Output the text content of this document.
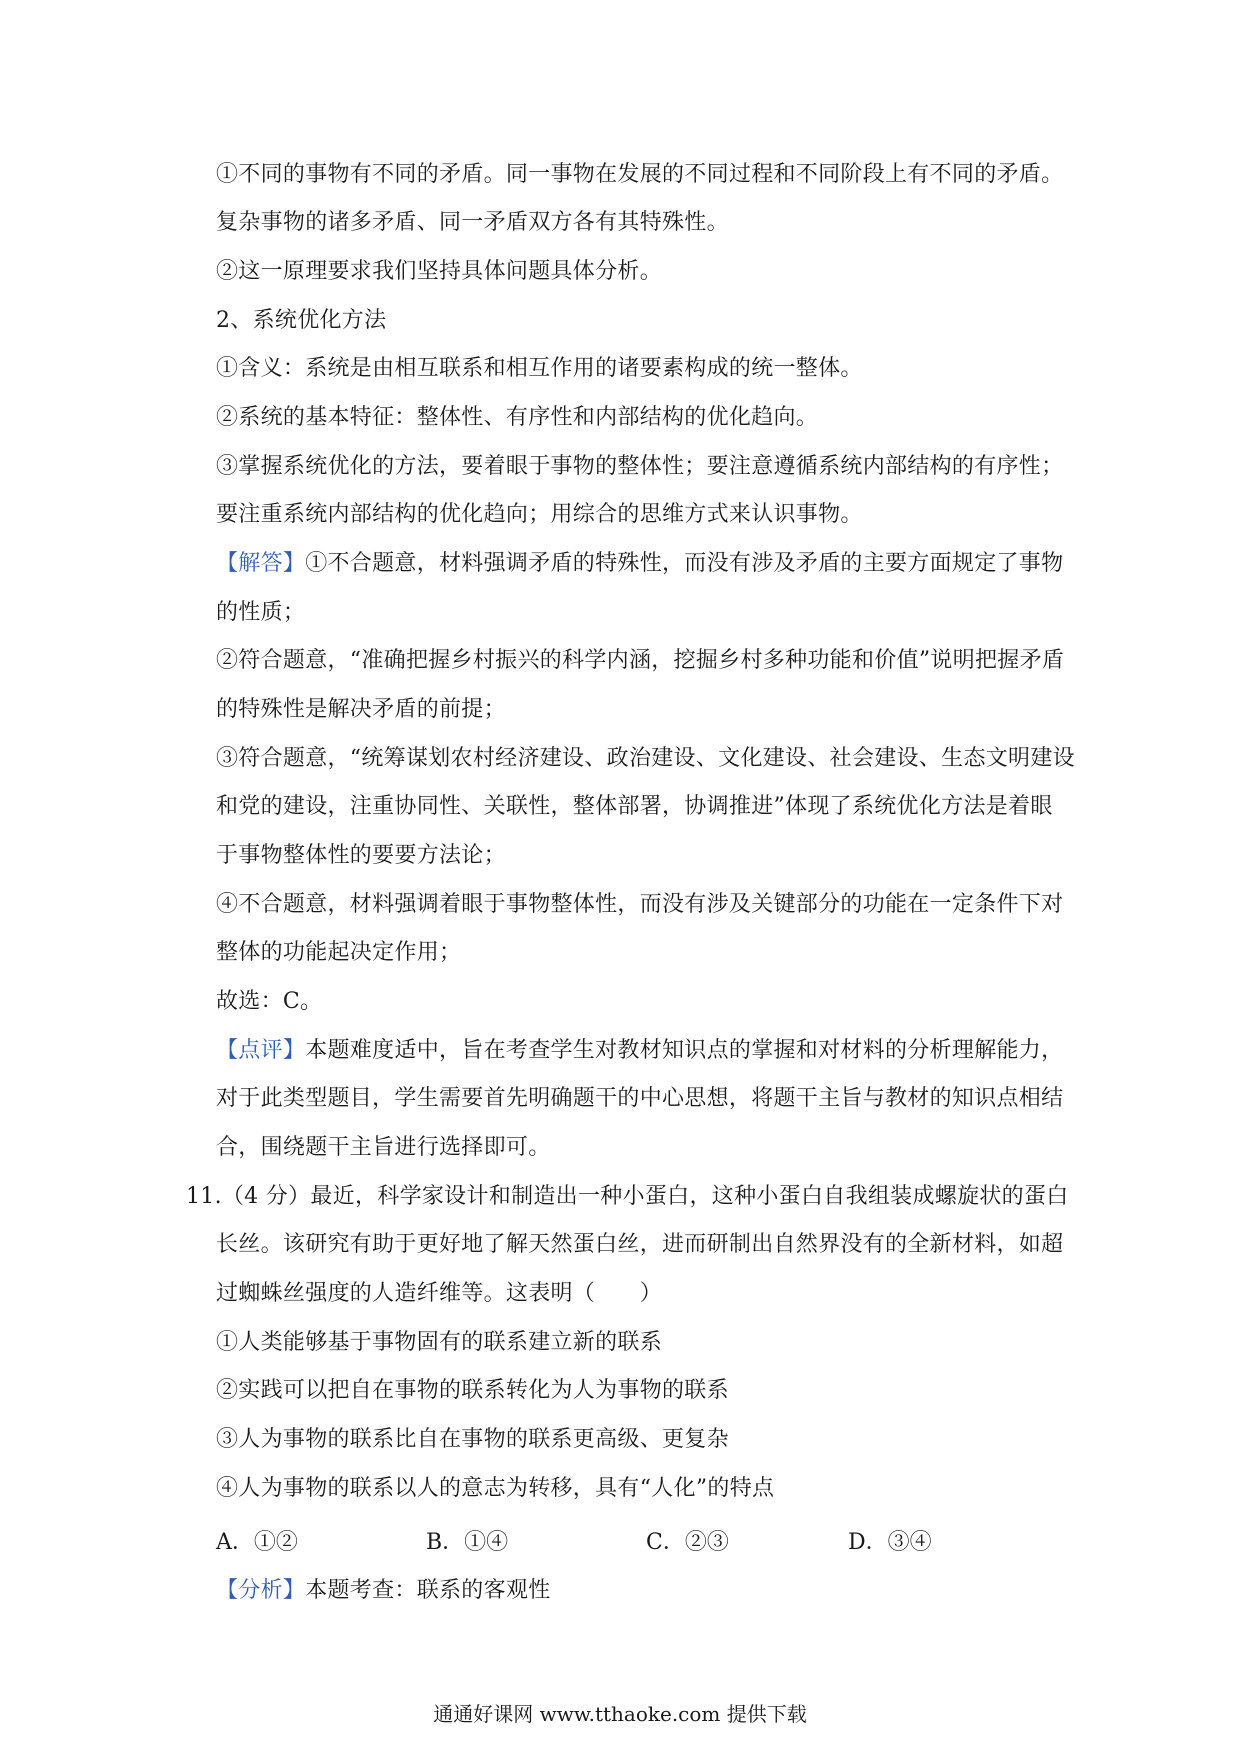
①不同的事物有不同的矛盾。同一事物在发展的不同过程和不同阶段上有不同的矛盾。
复杂事物的诸多矛盾、同一矛盾双方各有其特殊性。
②这一原理要求我们坚持具体问题具体分析。
2、系统优化方法
①含义：系统是由相互联系和相互作用的诸要素构成的统一整体。
②系统的基本特征：整体性、有序性和内部结构的优化趋向。
③掌握系统优化的方法，要着眼于事物的整体性；要注意遵循系统内部结构的有序性；
要注重系统内部结构的优化趋向；用综合的思维方式来认识事物。
【解答】①不合题意，材料强调矛盾的特殊性，而没有涉及矛盾的主要方面规定了事物
的性质；
②符合题意，“准确把握乡村振兴的科学内涵，挖掘乡村多种功能和价值”说明把握矛盾
的特殊性是解决矛盾的前提；
③符合题意，“统筹谋划农村经济建设、政治建设、文化建设、社会建设、生态文明建设
和党的建设，注重协同性、关联性，整体部署，协调推进”体现了系统优化方法是着眼
于事物整体性的要要方法论；
④不合题意，材料强调着眼于事物整体性，而没有涉及关键部分的功能在一定条件下对
整体的功能起决定作用；
故选：C。
【点评】本题难度适中，旨在考查学生对教材知识点的掌握和对材料的分析理解能力，
对于此类型题目，学生需要首先明确题干的中心思想，将题干主旨与教材的知识点相结
合，围绕题干主旨进行选择即可。
11.（4 分）最近，科学家设计和制造出一种小蛋白，这种小蛋白自我组装成螺旋状的蛋白
长丝。该研究有助于更好地了解天然蛋白丝，进而研制出自然界没有的全新材料，如超
过蜘蛛丝强度的人造纤维等。这表明（　　）
①人类能够基于事物固有的联系建立新的联系
②实践可以把自在事物的联系转化为人为事物的联系
③人为事物的联系比自在事物的联系更高级、更复杂
④人为事物的联系以人的意志为转移，具有“人化”的特点
A．①②	B．①④	C．②③	D．③④
【分析】本题考查：联系的客观性
通通好课网 www.tthaoke.com 提供下载
